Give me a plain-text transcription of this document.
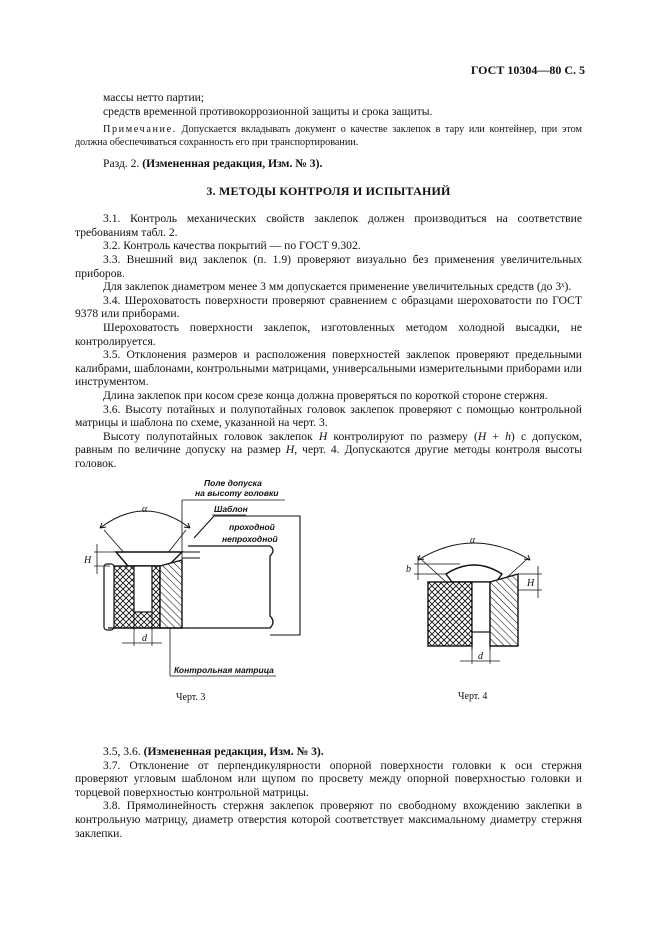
ГОСТ 10304—80 С. 5

массы нетто партии;

средств временной противокоррозионной защиты и срока защиты.

Примечание. Допускается вкладывать документ о качестве заклепок в тару или контейнер, при этом должна обеспечиваться сохранность его при транспортировании.

Разд. 2. (Измененная редакция, Изм. № 3).

3. МЕТОДЫ КОНТРОЛЯ И ИСПЫТАНИЙ

3.1. Контроль механических свойств заклепок должен производиться на соответствие требованиям табл. 2.

3.2. Контроль качества покрытий — по ГОСТ 9.302.

3.3. Внешний вид заклепок (п. 1.9) проверяют визуально без применения увеличительных приборов.

Для заклепок диаметром менее 3 мм допускается применение увеличительных средств (до 3ˣ).

3.4. Шероховатость поверхности проверяют сравнением с образцами шероховатости по ГОСТ 9378 или приборами.

Шероховатость поверхности заклепок, изготовленных методом холодной высадки, не контролируется.

3.5. Отклонения размеров и расположения поверхностей заклепок проверяют предельными калибрами, шаблонами, контрольными матрицами, универсальными измерительными приборами или инструментом.

Длина заклепок при косом срезе конца должна проверяться по короткой стороне стержня.

3.6. Высоту потайных и полупотайных головок заклепок проверяют с помощью контрольной матрицы и шаблона по схеме, указанной на черт. 3.

Высоту полупотайных головок заклепок H контролируют по размеру (H + h) с допуском, равным по величине допуску на размер H, черт. 4. Допускаются другие методы контроля высоты головок.

α
H
d
Поле допуска
на высоту головки
Шаблон
проходной
непроходной
Контрольная матрица
Черт. 3
α
b
H
d
Черт. 4

3.5, 3.6. (Измененная редакция, Изм. № 3).

3.7. Отклонение от перпендикулярности опорной поверхности головки к оси стержня проверяют угловым шаблоном или щупом по просвету между опорной поверхностью головки и торцевой поверхностью контрольной матрицы.

3.8. Прямолинейность стержня заклепок проверяют по свободному вхождению заклепки в контрольную матрицу, диаметр отверстия которой соответствует максимальному диаметру стержня заклепки.
